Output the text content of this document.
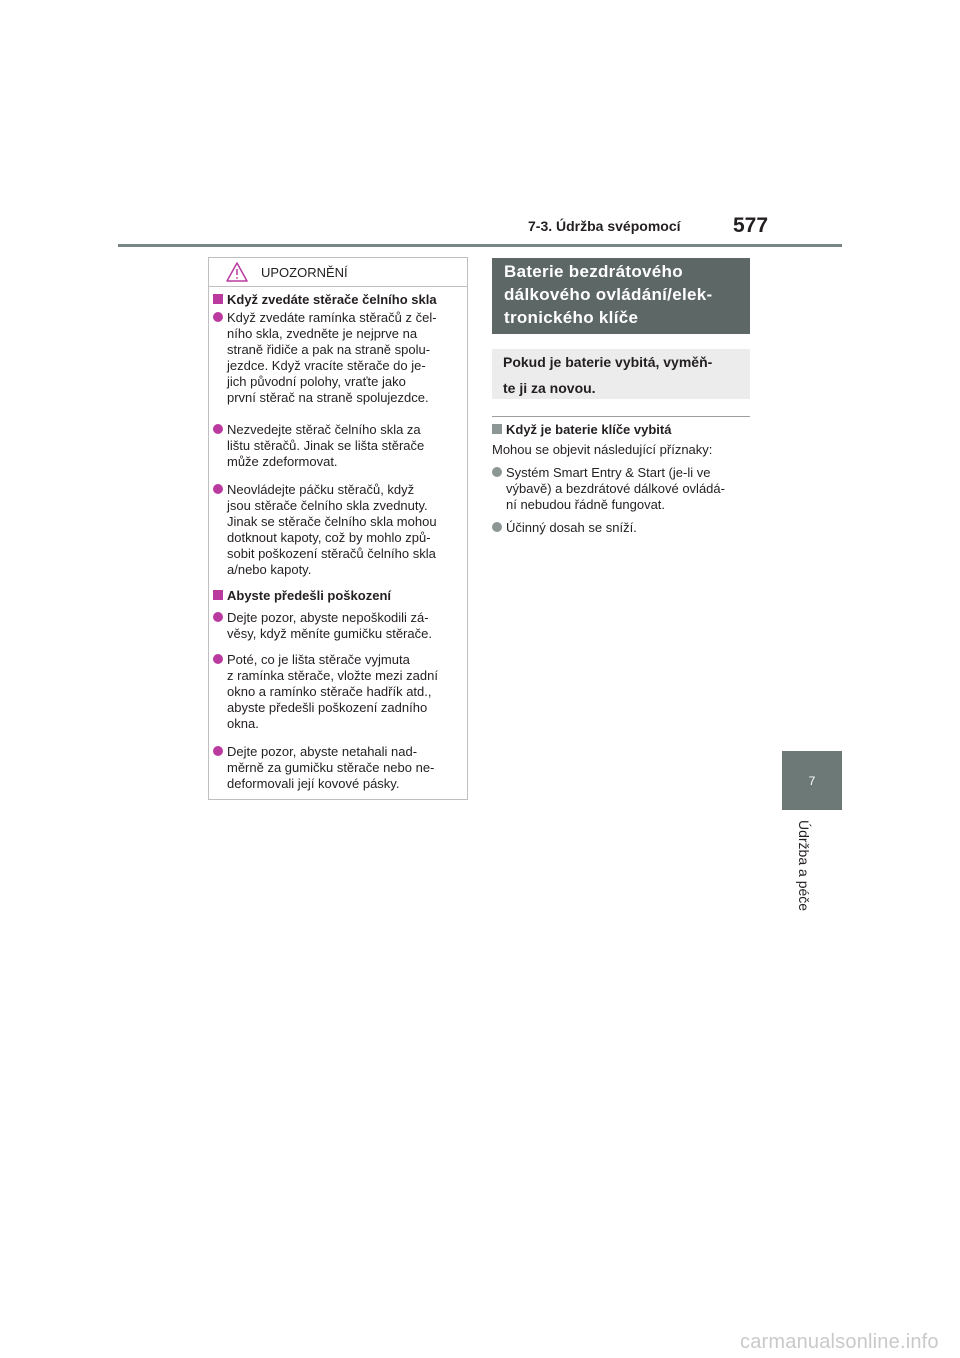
7-3. Údržba svépomocí	577
7
Údržba a péče
UPOZORNĚNÍ
Když zvedáte stěrače čelního skla
Když zvedáte ramínka stěračů z čel-
ního skla, zvedněte je nejprve na
straně řidiče a pak na straně spolu-
jezdce. Když vracíte stěrače do je-
jich původní polohy, vraťte jako
první stěrač na straně spolujezdce.
Nezvedejte stěrač čelního skla za
lištu stěračů. Jinak se lišta stěrače
může zdeformovat.
Neovládejte páčku stěračů, když
jsou stěrače čelního skla zvednuty.
Jinak se stěrače čelního skla mohou
dotknout kapoty, což by mohlo způ-
sobit poškození stěračů čelního skla
a/nebo kapoty.
Abyste předešli poškození
Dejte pozor, abyste nepoškodili zá-
věsy, když měníte gumičku stěrače.
Poté, co je lišta stěrače vyjmuta
z ramínka stěrače, vložte mezi zadní
okno a ramínko stěrače hadřík atd.,
abyste předešli poškození zadního
okna.
Dejte pozor, abyste netahali nad-
měrně za gumičku stěrače nebo ne-
deformovali její kovové pásky.
Baterie bezdrátového
dálkového ovládání/elek-
tronického klíče
Pokud je baterie vybitá, vyměň-
te ji za novou.
Když je baterie klíče vybitá
Mohou se objevit následující příznaky:
Systém Smart Entry & Start (je-li ve
výbavě) a bezdrátové dálkové ovládá-
ní nebudou řádně fungovat.
Účinný dosah se sníží.
carmanualsonline.info
